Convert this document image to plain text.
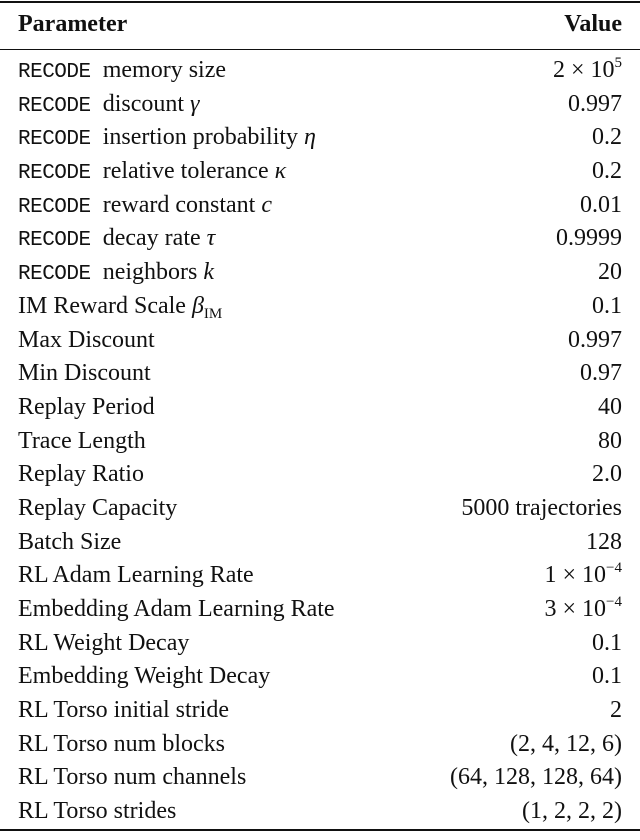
Parameter	Value
RECODE memory size	$2 \times 10^5$
RECODE discount γ	0.997
RECODE insertion probability η	0.2
RECODE relative tolerance κ	0.2
RECODE reward constant c	0.01
RECODE decay rate τ	0.9999
RECODE neighbors k	20
IM Reward Scale $\beta_{IM}$	0.1
Max Discount	0.997
Min Discount	0.97
Replay Period	40
Trace Length	80
Replay Ratio	2.0
Replay Capacity	5000 trajectories
Batch Size	128
RL Adam Learning Rate	$1 \times 10^{-4}$
Embedding Adam Learning Rate	$3 \times 10^{-4}$
RL Weight Decay	0.1
Embedding Weight Decay	0.1
RL Torso initial stride	2
RL Torso num blocks	(2, 4, 12, 6)
RL Torso num channels	(64, 128, 128, 64)
RL Torso strides	(1, 2, 2, 2)
